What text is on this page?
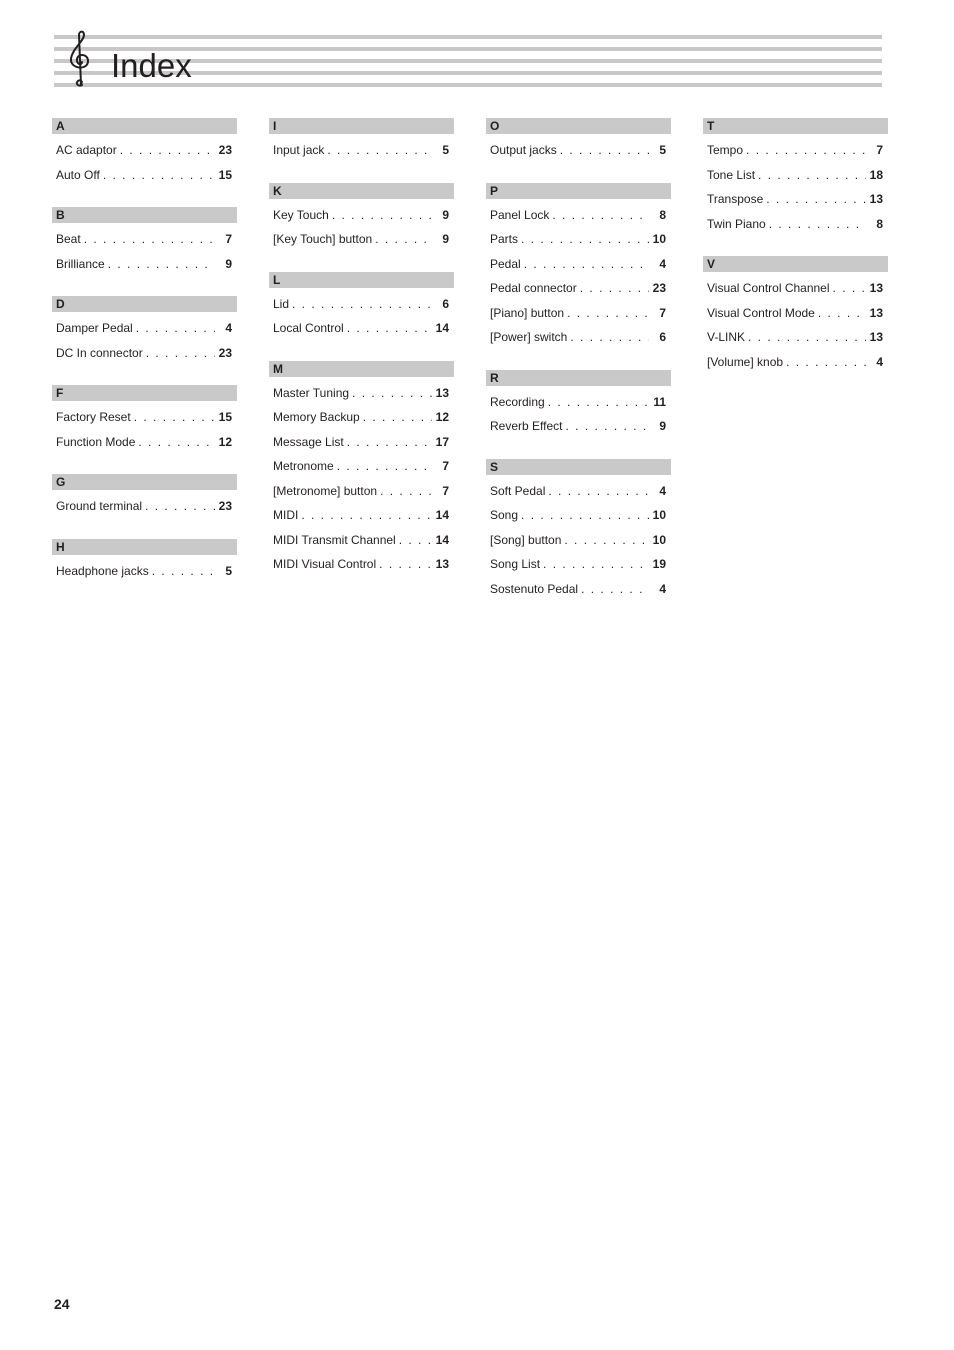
Index
A
AC adaptor . . .	23
Auto Off . . .	15
B
Beat . . .	7
Brilliance . . .	9
D
Damper Pedal . . .	4
DC In connector . . .	23
F
Factory Reset . . .	15
Function Mode . . .	12
G
Ground terminal . . .	23
H
Headphone jacks . . .	5
I
Input jack . . .	5
K
Key Touch . . .	9
[Key Touch] button . . .	9
L
Lid . . .	6
Local Control . . .	14
M
Master Tuning . . .	13
Memory Backup . . .	12
Message List . . .	17
Metronome . . .	7
[Metronome] button . . .	7
MIDI . . .	14
MIDI Transmit Channel . . .	14
MIDI Visual Control . . .	13
O
Output jacks . . .	5
P
Panel Lock . . .	8
Parts . . .	10
Pedal . . .	4
Pedal connector . . .	23
[Piano] button . . .	7
[Power] switch . . .	6
R
Recording . . .	11
Reverb Effect . . .	9
S
Soft Pedal . . .	4
Song . . .	10
[Song] button . . .	10
Song List . . .	19
Sostenuto Pedal . . .	4
T
Tempo . . .	7
Tone List . . .	18
Transpose . . .	13
Twin Piano . . .	8
V
Visual Control Channel . . .	13
Visual Control Mode . . .	13
V-LINK . . .	13
[Volume] knob . . .	4
24
